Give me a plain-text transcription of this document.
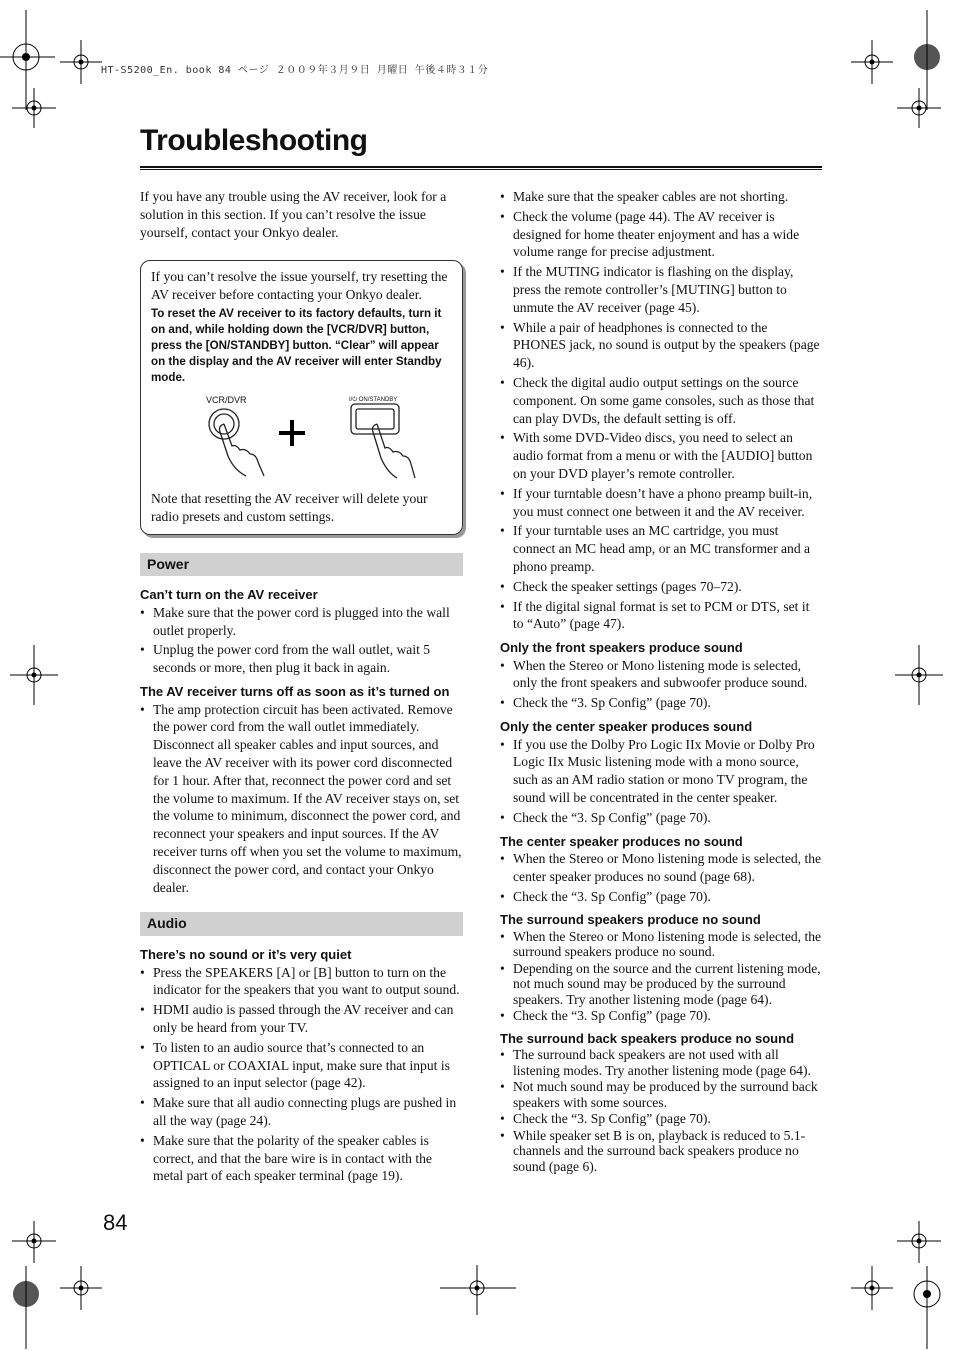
HT-S5200_En. book 84 ページ ２００９年３月９日 月曜日 午後４時３１分
Troubleshooting

If you have any trouble using the AV receiver, look for a solution in this section. If you can’t resolve the issue yourself, contact your Onkyo dealer.

If you can’t resolve the issue yourself, try resetting the AV receiver before contacting your Onkyo dealer.

To reset the AV receiver to its factory defaults, turn it on and, while holding down the [VCR/DVR] button, press the [ON/STANDBY] button. “Clear” will appear on the display and the AV receiver will enter Standby mode.

VCR/DVR	I/⏻ ON/STANDBY

Note that resetting the AV receiver will delete your radio presets and custom settings.

Power
Can’t turn on the AV receiver
• Make sure that the power cord is plugged into the wall outlet properly.
• Unplug the power cord from the wall outlet, wait 5 seconds or more, then plug it back in again.
The AV receiver turns off as soon as it’s turned on
• The amp protection circuit has been activated. Remove the power cord from the wall outlet immediately. Disconnect all speaker cables and input sources, and leave the AV receiver with its power cord disconnected for 1 hour. After that, reconnect the power cord and set the volume to maximum. If the AV receiver stays on, set the volume to minimum, disconnect the power cord, and reconnect your speakers and input sources. If the AV receiver turns off when you set the volume to maximum, disconnect the power cord, and contact your Onkyo dealer.
Audio
There’s no sound or it’s very quiet
• Press the SPEAKERS [A] or [B] button to turn on the indicator for the speakers that you want to output sound.
• HDMI audio is passed through the AV receiver and can only be heard from your TV.
• To listen to an audio source that’s connected to an OPTICAL or COAXIAL input, make sure that input is assigned to an input selector (page 42).
• Make sure that all audio connecting plugs are pushed in all the way (page 24).
• Make sure that the polarity of the speaker cables is correct, and that the bare wire is in contact with the metal part of each speaker terminal (page 19).
• Make sure that the speaker cables are not shorting.
• Check the volume (page 44). The AV receiver is designed for home theater enjoyment and has a wide volume range for precise adjustment.
• If the MUTING indicator is flashing on the display, press the remote controller’s [MUTING] button to unmute the AV receiver (page 45).
• While a pair of headphones is connected to the PHONES jack, no sound is output by the speakers (page 46).
• Check the digital audio output settings on the source component. On some game consoles, such as those that can play DVDs, the default setting is off.
• With some DVD-Video discs, you need to select an audio format from a menu or with the [AUDIO] button on your DVD player’s remote controller.
• If your turntable doesn’t have a phono preamp built-in, you must connect one between it and the AV receiver.
• If your turntable uses an MC cartridge, you must connect an MC head amp, or an MC transformer and a phono preamp.
• Check the speaker settings (pages 70–72).
• If the digital signal format is set to PCM or DTS, set it to “Auto” (page 47).
Only the front speakers produce sound
• When the Stereo or Mono listening mode is selected, only the front speakers and subwoofer produce sound.
• Check the “3. Sp Config” (page 70).
Only the center speaker produces sound
• If you use the Dolby Pro Logic IIx Movie or Dolby Pro Logic IIx Music listening mode with a mono source, such as an AM radio station or mono TV program, the sound will be concentrated in the center speaker.
• Check the “3. Sp Config” (page 70).
The center speaker produces no sound
• When the Stereo or Mono listening mode is selected, the center speaker produces no sound (page 68).
• Check the “3. Sp Config” (page 70).
The surround speakers produce no sound
• When the Stereo or Mono listening mode is selected, the surround speakers produce no sound.
• Depending on the source and the current listening mode, not much sound may be produced by the surround speakers. Try another listening mode (page 64).
• Check the “3. Sp Config” (page 70).
The surround back speakers produce no sound
• The surround back speakers are not used with all listening modes. Try another listening mode (page 64).
• Not much sound may be produced by the surround back speakers with some sources.
• Check the “3. Sp Config” (page 70).
• While speaker set B is on, playback is reduced to 5.1-channels and the surround back speakers produce no sound (page 6).
84
